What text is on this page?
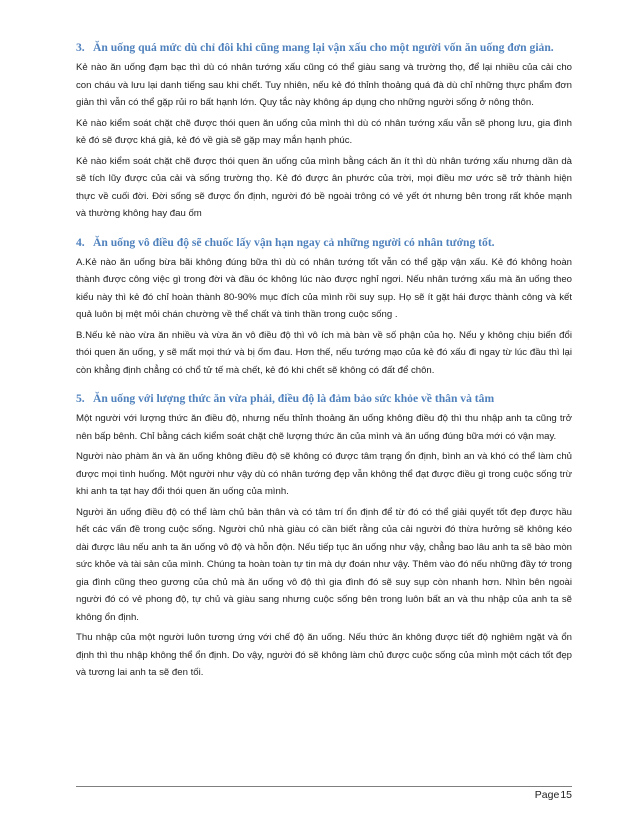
3. Ăn uống quá mức dù chỉ đôi khi cũng mang lại vận xấu cho một người vốn ăn uống đơn giản.

Kẻ nào ăn uống đạm bạc thì dù có nhân tướng xấu cũng có thể giàu sang và trường thọ, để lại nhiều của cải cho con cháu và lưu lại danh tiếng sau khi chết. Tuy nhiên, nếu kẻ đó thỉnh thoảng quá đà dù chỉ những thực phẩm đơn giản thì vẫn có thể gặp rủi ro bất hạnh lớn. Quy tắc này không áp dụng cho những người sống ở nông thôn.

Kẻ nào kiểm soát chặt chẽ được thói quen ăn uống của mình thì dù có nhân tướng xấu vẫn sẽ phong lưu, gia đình kẻ đó sẽ được khá giả, kẻ đó về già sẽ gặp may mắn hạnh phúc.

Kẻ nào kiểm soát chặt chẽ được thói quen ăn uống của mình bằng cách ăn ít thì dù nhân tướng xấu nhưng dần dà sẽ tích lũy được của cải và sống trường thọ. Kẻ đó được ân phước của trời, mọi điều mơ ước sẽ trở thành hiện thực về cuối đời. Đời sống sẽ được ổn định, người đó bề ngoài trông có vẻ yết ớt nhưng bên trong rất khỏe mạnh và thường không hay đau ốm

4. Ăn uống vô điều độ sẽ chuốc lấy vận hạn ngay cả những người có nhân tướng tốt.

A.Kẻ nào ăn uống bừa bãi không đúng bữa thì dù có nhân tướng tốt vẫn có thể gặp vận xấu. Kẻ đó không hoàn thành được công việc gì trong đời và đầu óc không lúc nào được nghỉ ngơi. Nếu nhân tướng xấu mà ăn uống theo kiểu này thì kẻ đó chỉ hoàn thành 80-90% mục đích của mình rồi suy sụp. Họ sẽ ít gặt hái được thành công và kết quả luôn bị mệt mỏi chán chường về thể chất và tinh thần trong cuộc sống .

B.Nếu kẻ nào vừa ăn nhiều và vừa ăn vô điều độ thì vô ích mà bàn về số phận của họ. Nếu y không chịu biến đổi thói quen ăn uống, y sẽ mất mọi thứ và bị ốm đau. Hơn thế, nếu tướng mạo của kẻ đó xấu đi ngay từ lúc đầu thì lại còn khẳng định chẳng có chổ tử tế mà chết, kẻ đó khi chết sẽ không có đất để chôn.

5. Ăn uống với lượng thức ăn vừa phải, điều độ là đảm bảo sức khỏe về thân và tâm

Một người với lượng thức ăn điều độ, nhưng nếu thỉnh thoảng ăn uống không điều độ thì thu nhập anh ta cũng trở nên bấp bênh. Chỉ bằng cách kiểm soát chặt chẽ lượng thức ăn của mình và ăn uống đúng bữa mới có vận may.

Người nào phàm ăn và ăn uống không điều độ sẽ không có được tâm trạng ổn định, bình an và khó có thể làm chủ được mọi tình huống. Một người như vậy dù có nhân tướng đẹp vẫn không thể đạt được điều gì trong cuộc sống trừ khi anh ta tạt hay đổi thói quen ăn uống của mình.

Người ăn uống điều độ có thể làm chủ bản thân và có tâm trí ổn định để từ đó có thể giải quyết tốt đẹp được hầu hết các vấn đề trong cuộc sống. Người chủ nhà giàu có cần biết rằng của cải người đó thừa hưởng sẽ không kéo dài được lâu nếu anh ta ăn uống vô độ và hỗn độn. Nếu tiếp tục ăn uống như vậy, chẳng bao lâu anh ta sẽ bào mòn sức khỏe và tài sản của mình. Chúng ta hoàn toàn tự tin mà dự đoán như vậy. Thêm vào đó nếu những đầy tớ trong gia đình cũng theo gương của chủ mà ăn uống vô độ thì gia đình đó sẽ suy sụp còn nhanh hơn. Nhìn bên ngoài người đó có vẻ phong độ, tự chủ và giàu sang nhưng cuộc sống bên trong luôn bất an và thu nhập của anh ta sẽ không ổn định.

Thu nhập của một người luôn tương ứng với chế độ ăn uống. Nếu thức ăn không được tiết độ nghiêm ngặt và ổn định thì thu nhập không thể ổn định. Do vậy, người đó sẽ không làm chủ được cuộc sống của mình một cách tốt đẹp và tương lai anh ta sẽ đen tối.

Page15
